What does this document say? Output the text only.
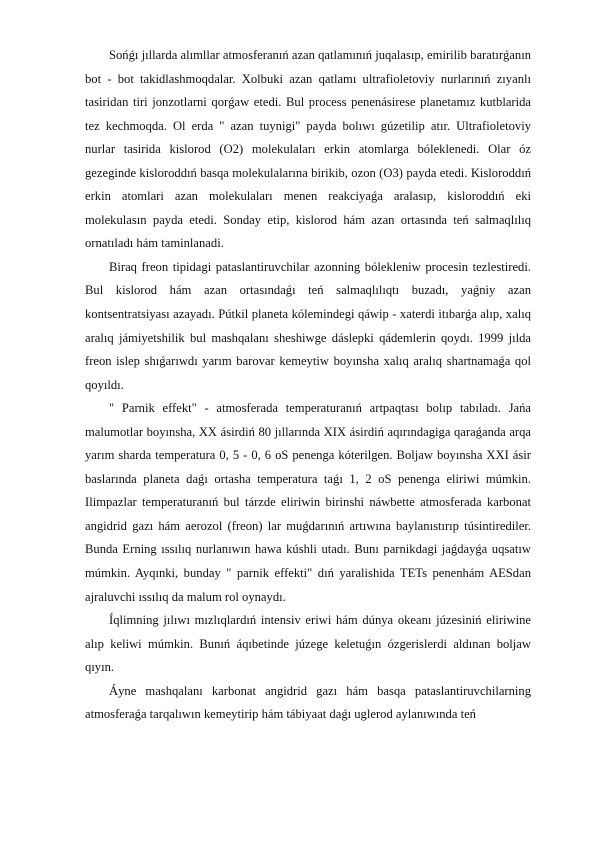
Sońǵı jıllarda alımllar atmosferanıń azan qatlamınıń juqalasıp, emirilib baratırǵanın bot - bot takidlashmoqdalar. Xolbuki azan qatlamı ultrafioletoviy nurlarınıń zıyanlı tasiridan tiri jonzotlarni qorǵaw etedi. Bul process penenásirese planetamız kutblarida tez kechmoqda. Ol erda " azan tuynigi" payda bolıwı gúzetilip atır. Ultrafioletoviy nurlar tasirida kislorod (O2) molekulaları erkin atomlarga bóleklenedi. Olar óz gezeginde kisloroddıń basqa molekulalarına birikib, ozon (O3) payda etedi. Kisloroddıń erkin atomlari azan molekulaları menen reakciyaǵa aralasıp, kisloroddıń eki molekulasın payda etedi. Sonday etip, kislorod hám azan ortasında teń salmaqlılıq ornatıladı hám taminlanadi.

Biraq freon tipidagi pataslantiruvchilar azonning bólekleniw procesin tezlestiredi. Bul kislorod hám azan ortasındaǵı teń salmaqlılıqtı buzadı, yaǵniy azan kontsentratsiyası azayadı. Pútkil planeta kólemindegi qáwip - xaterdi itıbarǵa alıp, xalıq aralıq jámiyetshilik bul mashqalanı sheshiwge dáslepki qádemlerin qoydı. 1999 jılda freon islep shıǵarıwdı yarım barovar kemeytiw boyınsha xalıq aralıq shartnamaǵa qol qoyıldı.

" Parnik effekt" - atmosferada temperaturanıń artpaqtası bolıp tabıladı. Jańa malumotlar boyınsha, XX ásirdiń 80 jıllarında XIX ásirdiń aqırındagiga qaraǵanda arqa yarım sharda temperatura 0, 5 - 0, 6 oS penenga kóterilgen. Boljaw boyınsha XXI ásir baslarında planeta daǵı ortasha temperatura taǵı 1, 2 oS penenga eliriwi múmkin. Ilimpazlar temperaturanıń bul tárzde eliriwin birinshi náwbette atmosferada karbonat angidrid gazı hám aerozol (freon) lar muǵdarınıń artıwına baylanıstırıp túsintirediler. Bunda Erning ıssılıq nurlanıwın hawa kúshli utadı. Bunı parnikdagi jaǵdayǵa uqsatıw múmkin. Ayqınki, bunday " parnik effekti" dıń yaralishida TETs penenhám AESdan ajraluvchi ıssılıq da malum rol oynaydı.

Íqlimning jılıwı mızlıqlardıń intensiv eriwi hám dúnya okeanı júzesiniń eliriwine alıp keliwi múmkin. Bunıń áqıbetinde júzege keletuǵın ózgerislerdi aldınan boljaw qıyın.

Áyne mashqalanı karbonat angidrid gazı hám basqa pataslantiruvchilarning atmosferaǵa tarqalıwın kemeytirip hám tábiyaat daǵı uglerod aylanıwında teń
